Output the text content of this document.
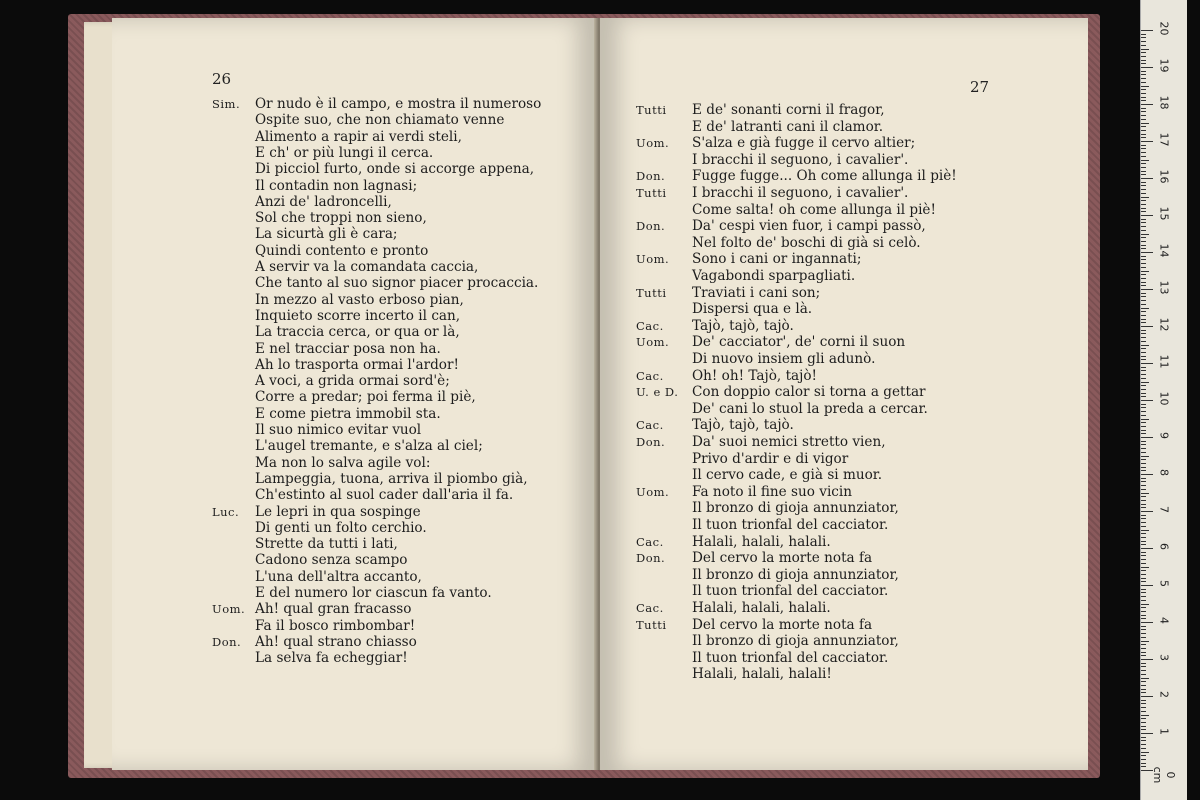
26
Sim. Or nudo è il campo, e mostra il numeroso
Ospite suo, che non chiamato venne
Alimento a rapir ai verdi steli,
E ch' or più lungi il cerca.
Di picciol furto, onde si accorge appena,
Il contadin non lagnasi;
Anzi de' ladroncelli,
Sol che troppi non sieno,
La sicurtà gli è cara;
Quindi contento e pronto
A servir va la comandata caccia,
Che tanto al suo signor piacer procaccia.
In mezzo al vasto erboso pian,
Inquieto scorre incerto il can,
La traccia cerca, or qua or là,
E nel tracciar posa non ha.
Ah lo trasporta ormai l'ardor!
A voci, a grida ormai sord'è;
Corre a predar; poi ferma il piè,
E come pietra immobil sta.
Il suo nimico evitar vuol
L'augel tremante, e s'alza al ciel;
Ma non lo salva agile vol:
Lampeggia, tuona, arriva il piombo già,
Ch'estinto al suol cader dall'aria il fa.
Luc. Le lepri in qua sospinge
Di genti un folto cerchio.
Strette da tutti i lati,
Cadono senza scampo
L'una dell'altra accanto,
E del numero lor ciascun fa vanto.
Uom. Ah! qual gran fracasso
Fa il bosco rimbombar!
Don. Ah! qual strano chiasso
La selva fa echeggiar!
27
Tutti E de' sonanti corni il fragor,
E de' latranti cani il clamor.
Uom. S'alza e già fugge il cervo altier;
I bracchi il seguono, i cavalier'.
Don. Fugge fugge... Oh come allunga il piè!
Tutti I bracchi il seguono, i cavalier'.
Come salta! oh come allunga il piè!
Don. Da' cespi vien fuor, i campi passò,
Nel folto de' boschi di già si celò.
Uom. Sono i cani or ingannati;
Vagabondi sparpagliati.
Tutti Traviati i cani son;
Dispersi qua e là.
Cac. Tajò, tajò, tajò.
Uom. De' cacciator', de' corni il suon
Di nuovo insiem gli adunò.
Cac. Oh! oh! Tajò, tajò!
U. e D. Con doppio calor si torna a gettar
De' cani lo stuol la preda a cercar.
Cac. Tajò, tajò, tajò.
Don. Da' suoi nemici stretto vien,
Privo d'ardir e di vigor
Il cervo cade, e già si muor.
Uom. Fa noto il fine suo vicin
Il bronzo di gioja annunziator,
Il tuon trionfal del cacciator.
Cac. Halali, halali, halali.
Don. Del cervo la morte nota fa
Il bronzo di gioja annunziator,
Il tuon trionfal del cacciator.
Cac. Halali, halali, halali.
Tutti Del cervo la morte nota fa
Il bronzo di gioja annunziator,
Il tuon trionfal del cacciator.
Halali, halali, halali!
0 cm
1
2
3
4
5
6
7
8
9
10
11
12
13
14
15
16
17
18
19
20
